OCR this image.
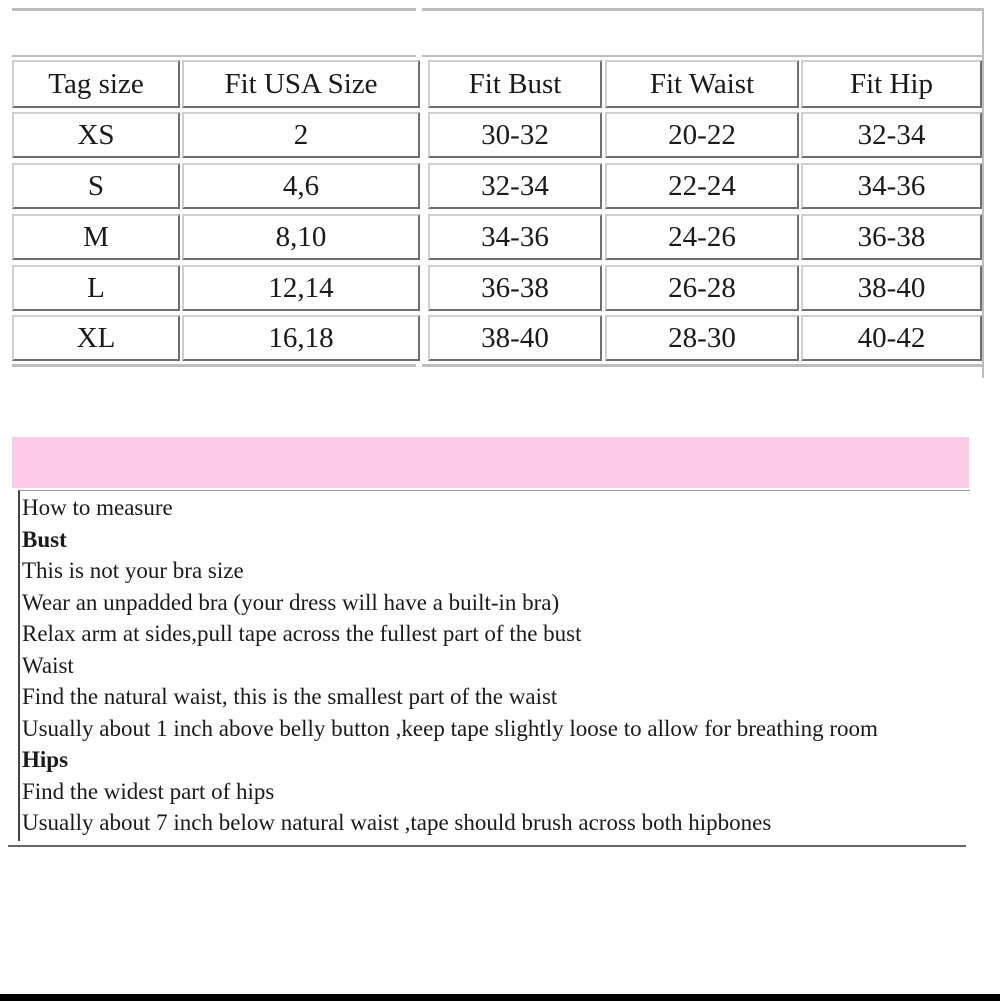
Tag size	Fit USA Size	Fit Bust	Fit Waist	Fit Hip
XS	2	30-32	20-22	32-34
S	4,6	32-34	22-24	34-36
M	8,10	34-36	24-26	36-38
L	12,14	36-38	26-28	38-40
XL	16,18	38-40	28-30	40-42
How to measure
Bust
This is not your bra size
Wear an unpadded bra (your dress will have a built-in bra)
Relax arm at sides,pull tape across the fullest part of the bust
Waist
Find the natural waist, this is the smallest part of the waist
Usually about 1 inch above belly button ,keep tape slightly loose to allow for breathing room
Hips
Find the widest part of hips
Usually about 7 inch below natural waist ,tape should brush across both hipbones
